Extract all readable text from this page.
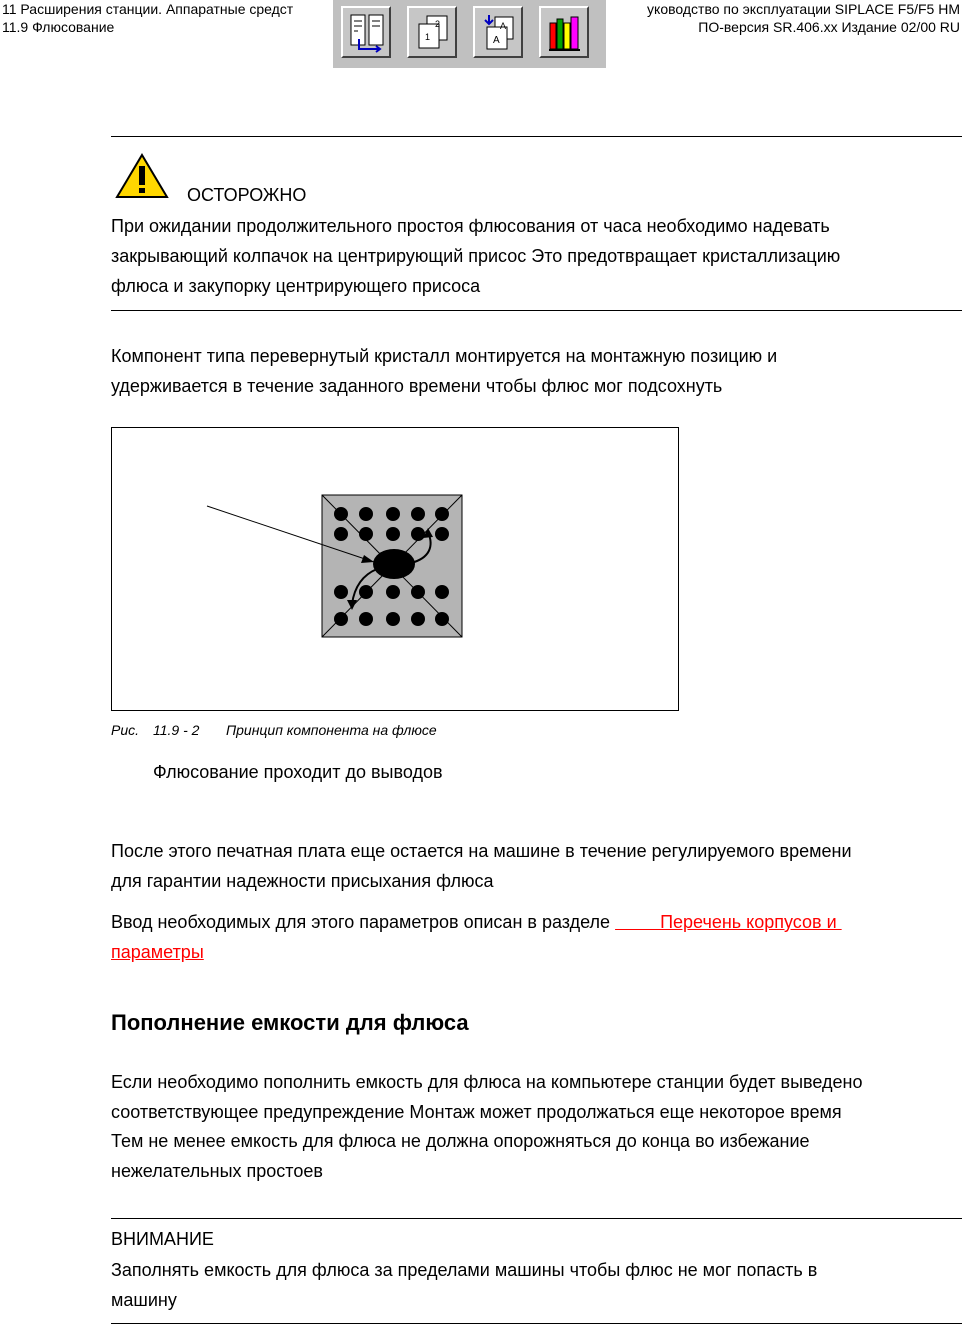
11 Расширения станции. Аппаратные средст
11.9 Флюсование
уководство по эксплуатации SIPLACE F5/F5 HM
ПО-версия SR.406.xx Издание 02/00 RU
2
1
A
A
ОСТОРОЖНО
При ожидании продолжительного простоя флюсования от часа необходимо надевать
закрывающий колпачок на центрирующий присос Это предотвращает кристаллизацию
флюса и закупорку центрирующего присоса
Компонент типа перевернутый кристалл монтируется на монтажную позицию и
удерживается в течение заданного времени чтобы флюс мог подсохнуть
Рис. 11.9 - 2 Принцип компонента на флюсе
Флюсование проходит до выводов
После этого печатная плата еще остается на машине в течение регулируемого времени
для гарантии надежности присыхания флюса
Ввод необходимых для этого параметров описан в разделе          Перечень корпусов и
параметры
Пополнение емкости для флюса
Если необходимо пополнить емкость для флюса на компьютере станции будет выведено
соответствующее предупреждение Монтаж может продолжаться еще некоторое время
Тем не менее емкость для флюса не должна опорожняться до конца во избежание
нежелательных простоев
ВНИМАНИЕ
Заполнять емкость для флюса за пределами машины чтобы флюс не мог попасть в
машину
